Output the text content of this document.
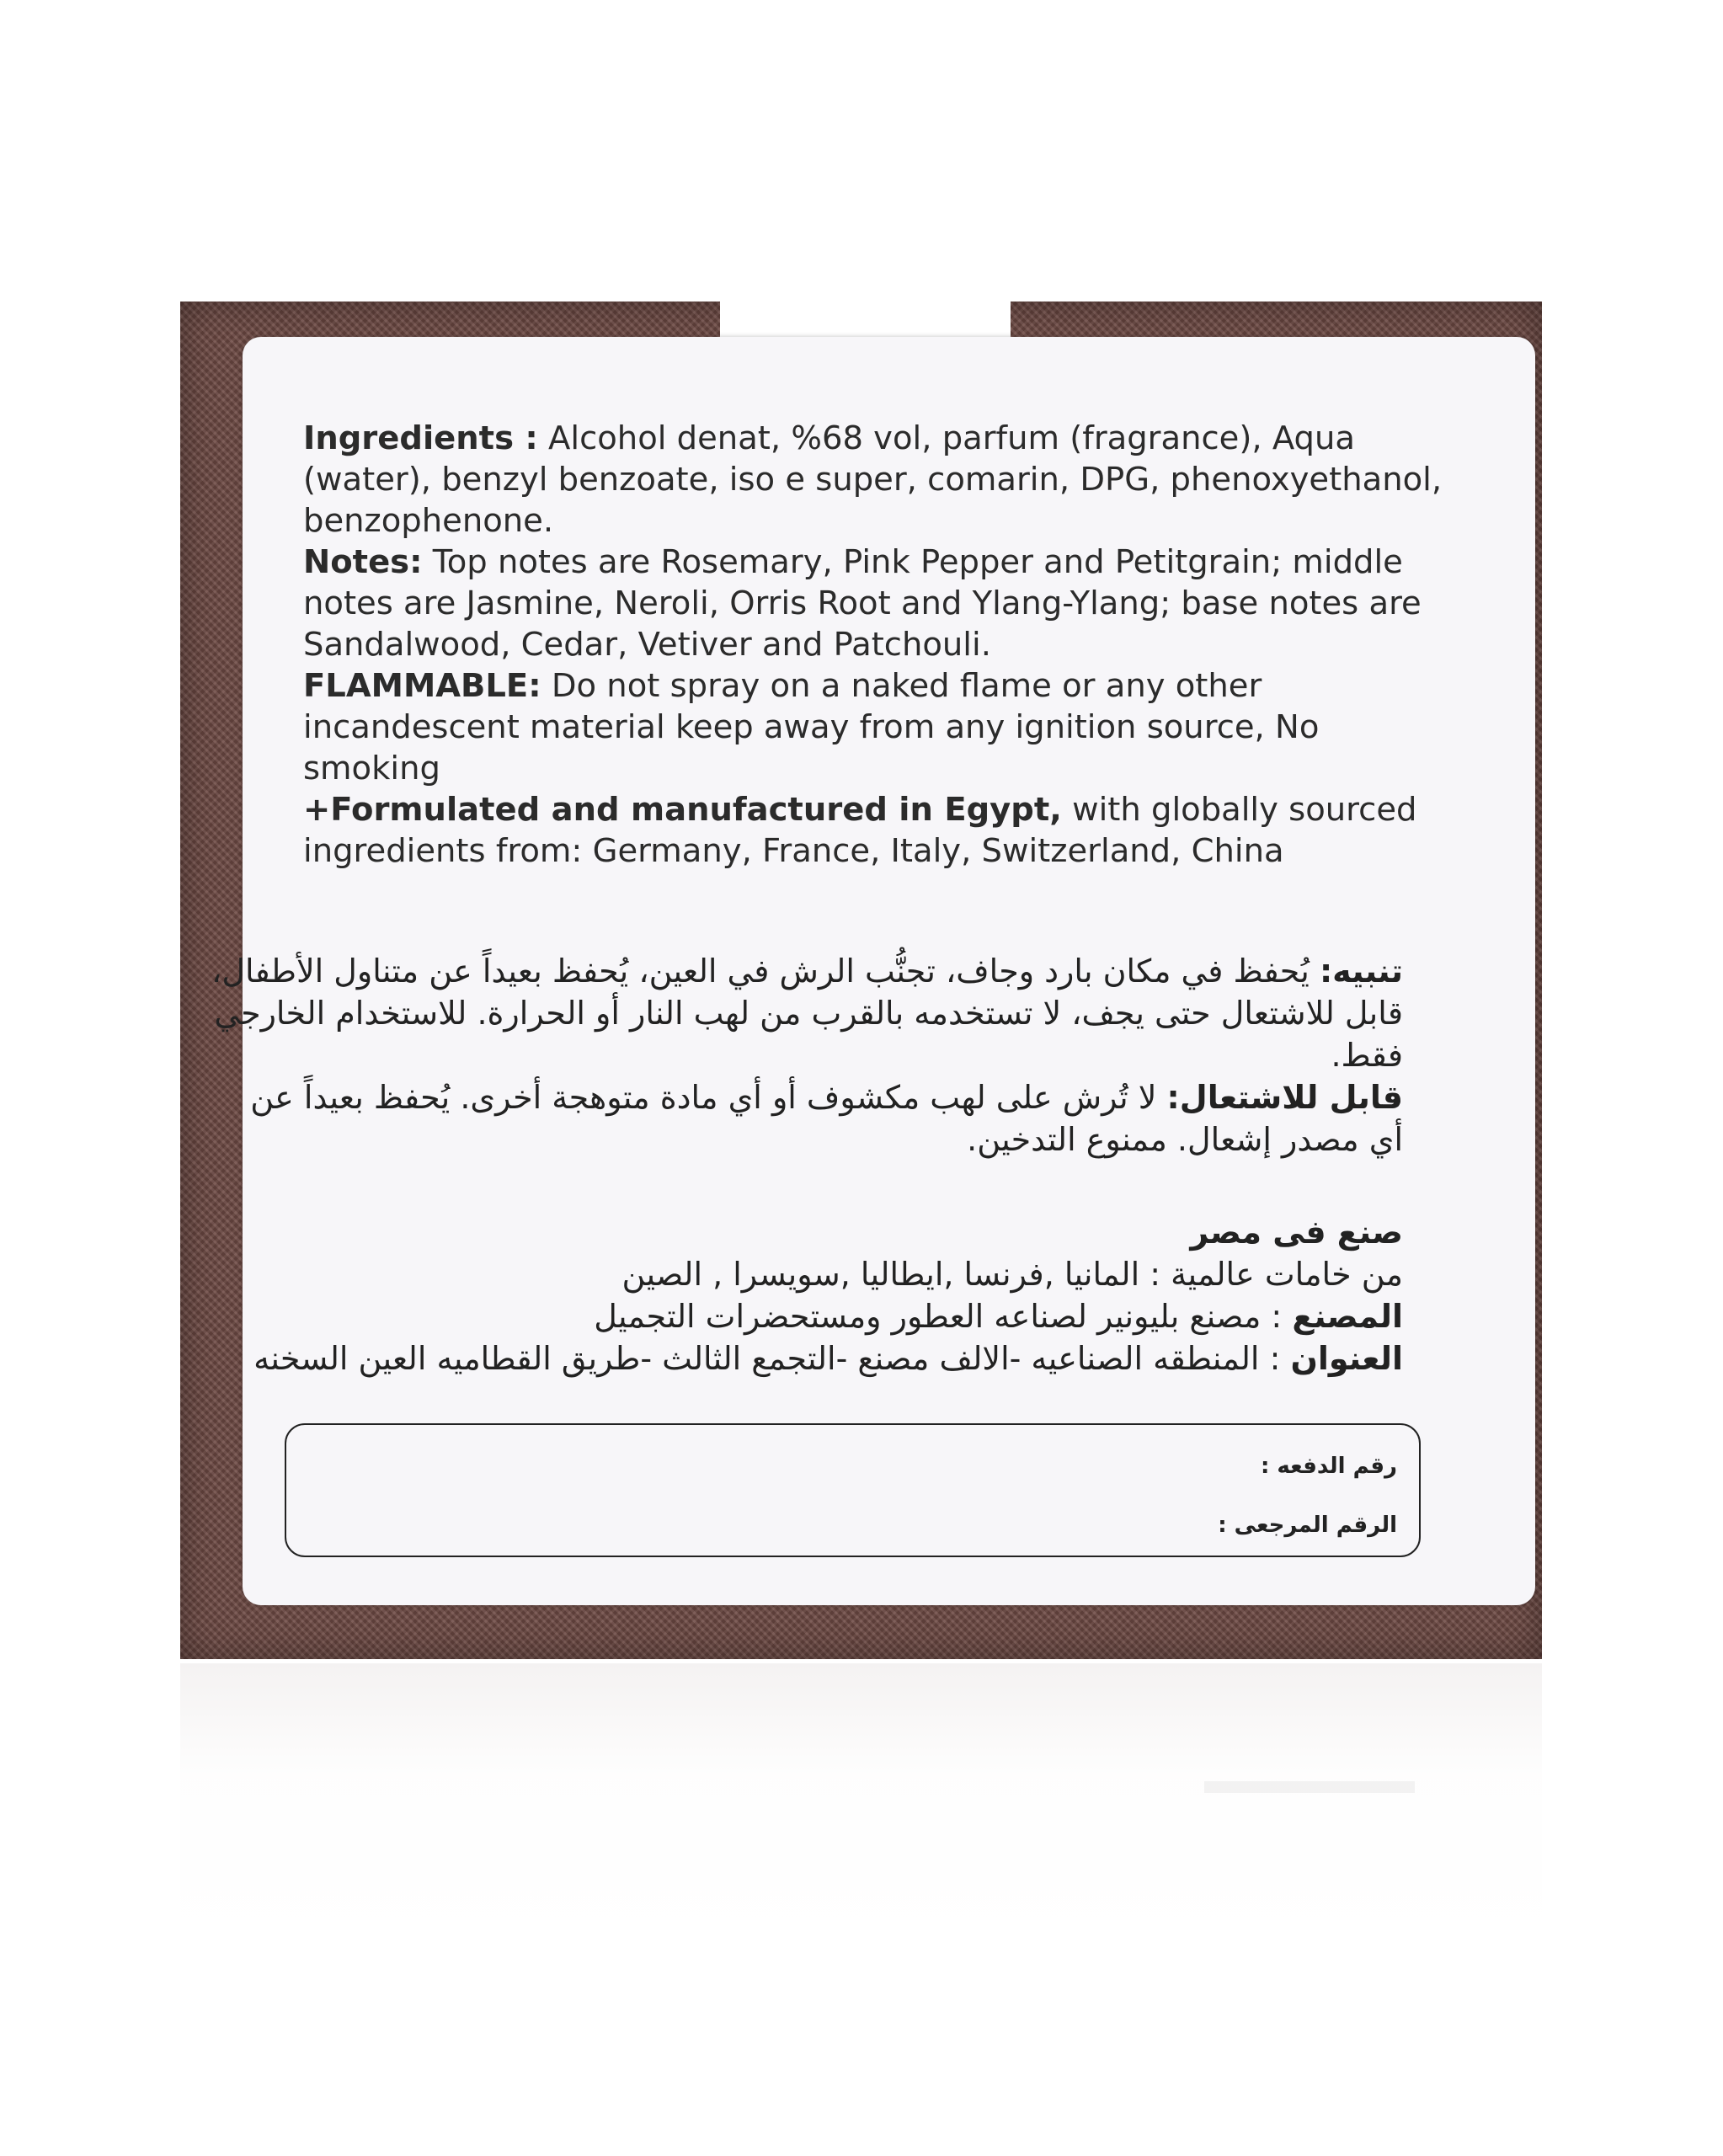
Ingredients : Alcohol denat, %68 vol, parfum (fragrance), Aqua (water), benzyl benzoate, iso e super, comarin, DPG, phenoxyethanol, benzophenone.

Notes: Top notes are Rosemary, Pink Pepper and Petitgrain; middle notes are Jasmine, Neroli, Orris Root and Ylang-Ylang; base notes are Sandalwood, Cedar, Vetiver and Patchouli.

FLAMMABLE: Do not spray on a naked flame or any other incandescent material keep away from any ignition source, No smoking

+Formulated and manufactured in Egypt, with globally sourced ingredients from: Germany, France, Italy, Switzerland, China

تنبيه: يُحفظ في مكان بارد وجاف، تجنُّب الرش في العين، يُحفظ بعيداً عن متناول الأطفال، قابل للاشتعال حتى يجف، لا تستخدمه بالقرب من لهب النار أو الحرارة. للاستخدام الخارجي فقط.

قابل للاشتعال: لا تُرش على لهب مكشوف أو أي مادة متوهجة أخرى. يُحفظ بعيداً عن أي مصدر إشعال. ممنوع التدخين.

صنع فى مصر

من خامات عالمية : المانيا ,فرنسا ,ايطاليا ,سويسرا , الصين

المصنع : مصنع بليونير لصناعه العطور ومستحضرات التجميل

العنوان : المنطقه الصناعيه -الالف مصنع -التجمع الثالث -طريق القطاميه العين السخنه

رقم الدفعه :
الرقم المرجعى :
